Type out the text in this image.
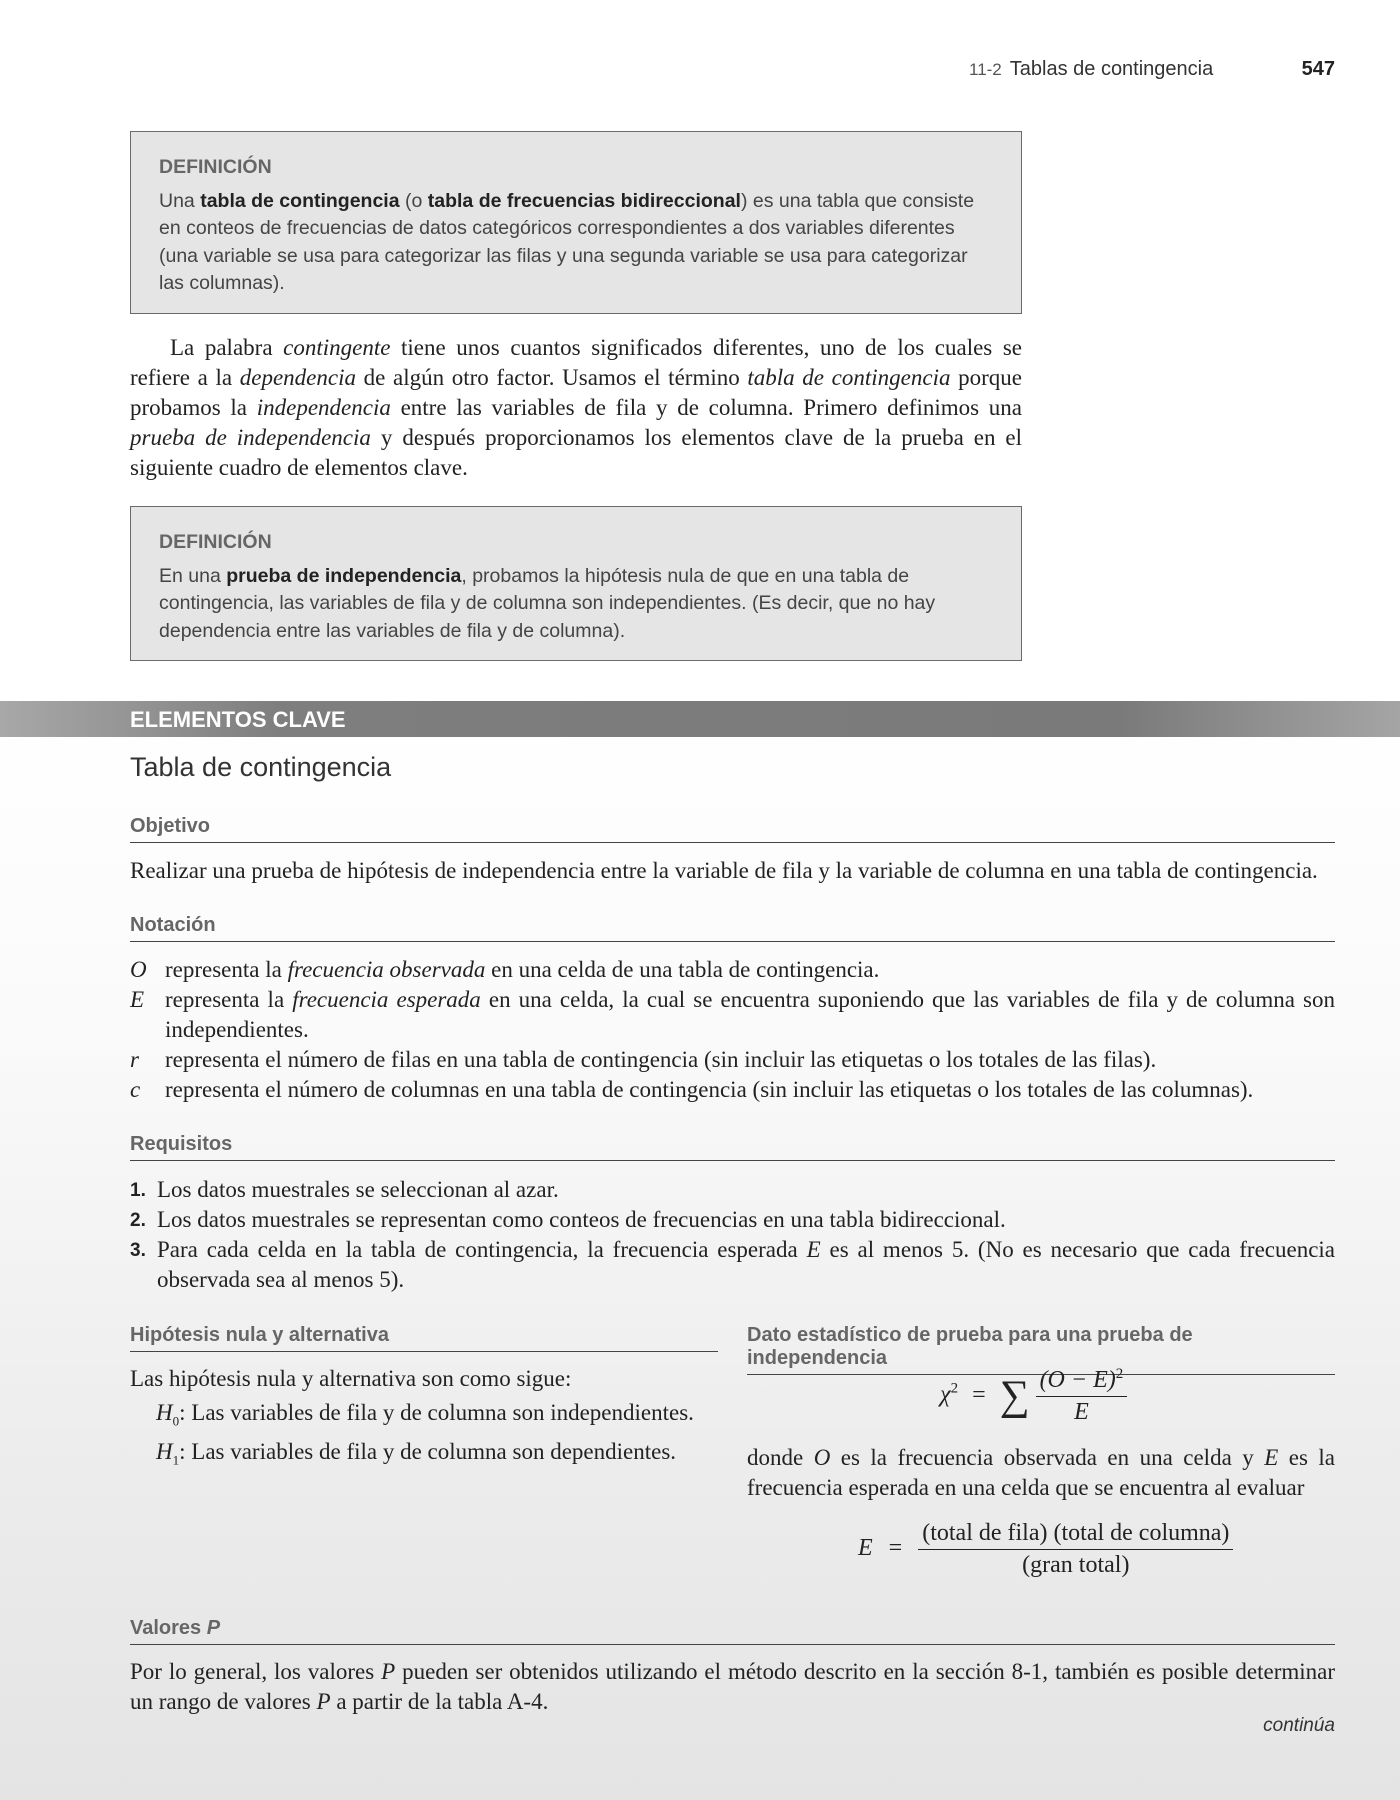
11-2 Tablas de contingencia	547
DEFINICIÓN
Una tabla de contingencia (o tabla de frecuencias bidireccional) es una tabla que consiste en conteos de frecuencias de datos categóricos correspondientes a dos variables diferentes (una variable se usa para categorizar las filas y una segunda variable se usa para categorizar las columnas).

La palabra contingente tiene unos cuantos significados diferentes, uno de los cuales se refiere a la dependencia de algún otro factor. Usamos el término tabla de contingencia porque probamos la independencia entre las variables de fila y de columna. Primero definimos una prueba de independencia y después proporcionamos los elementos clave de la prueba en el siguiente cuadro de elementos clave.

DEFINICIÓN
En una prueba de independencia, probamos la hipótesis nula de que en una tabla de contingencia, las variables de fila y de columna son independientes. (Es decir, que no hay dependencia entre las variables de fila y de columna).
ELEMENTOS CLAVE
Tabla de contingencia
Objetivo
Realizar una prueba de hipótesis de independencia entre la variable de fila y la variable de columna en una tabla de contingencia.
Notación
O representa la frecuencia observada en una celda de una tabla de contingencia.
E representa la frecuencia esperada en una celda, la cual se encuentra suponiendo que las variables de fila y de columna son independientes.
r representa el número de filas en una tabla de contingencia (sin incluir las etiquetas o los totales de las filas).
c representa el número de columnas en una tabla de contingencia (sin incluir las etiquetas o los totales de las columnas).
Requisitos
1. Los datos muestrales se seleccionan al azar.
2. Los datos muestrales se representan como conteos de frecuencias en una tabla bidireccional.
3. Para cada celda en la tabla de contingencia, la frecuencia esperada E es al menos 5. (No es necesario que cada frecuencia observada sea al menos 5).
Hipótesis nula y alternativa

Las hipótesis nula y alternativa son como sigue:

$H_0$: Las variables de fila y de columna son independientes.

$H_1$: Las variables de fila y de columna son dependientes.

Dato estadístico de prueba para una prueba de independencia
$\chi^2$ = ∑ $\frac{(O - E)^2}{E}$
donde O es la frecuencia observada en una celda y E es la frecuencia esperada en una celda que se encuentra al evaluar
$E = \frac{\text{(total de fila) (total de columna)}}{\text{(gran total)}}$
Valores P
Por lo general, los valores P pueden ser obtenidos utilizando el método descrito en la sección 8-1, también es posible determinar un rango de valores P a partir de la tabla A-4.
continúa
